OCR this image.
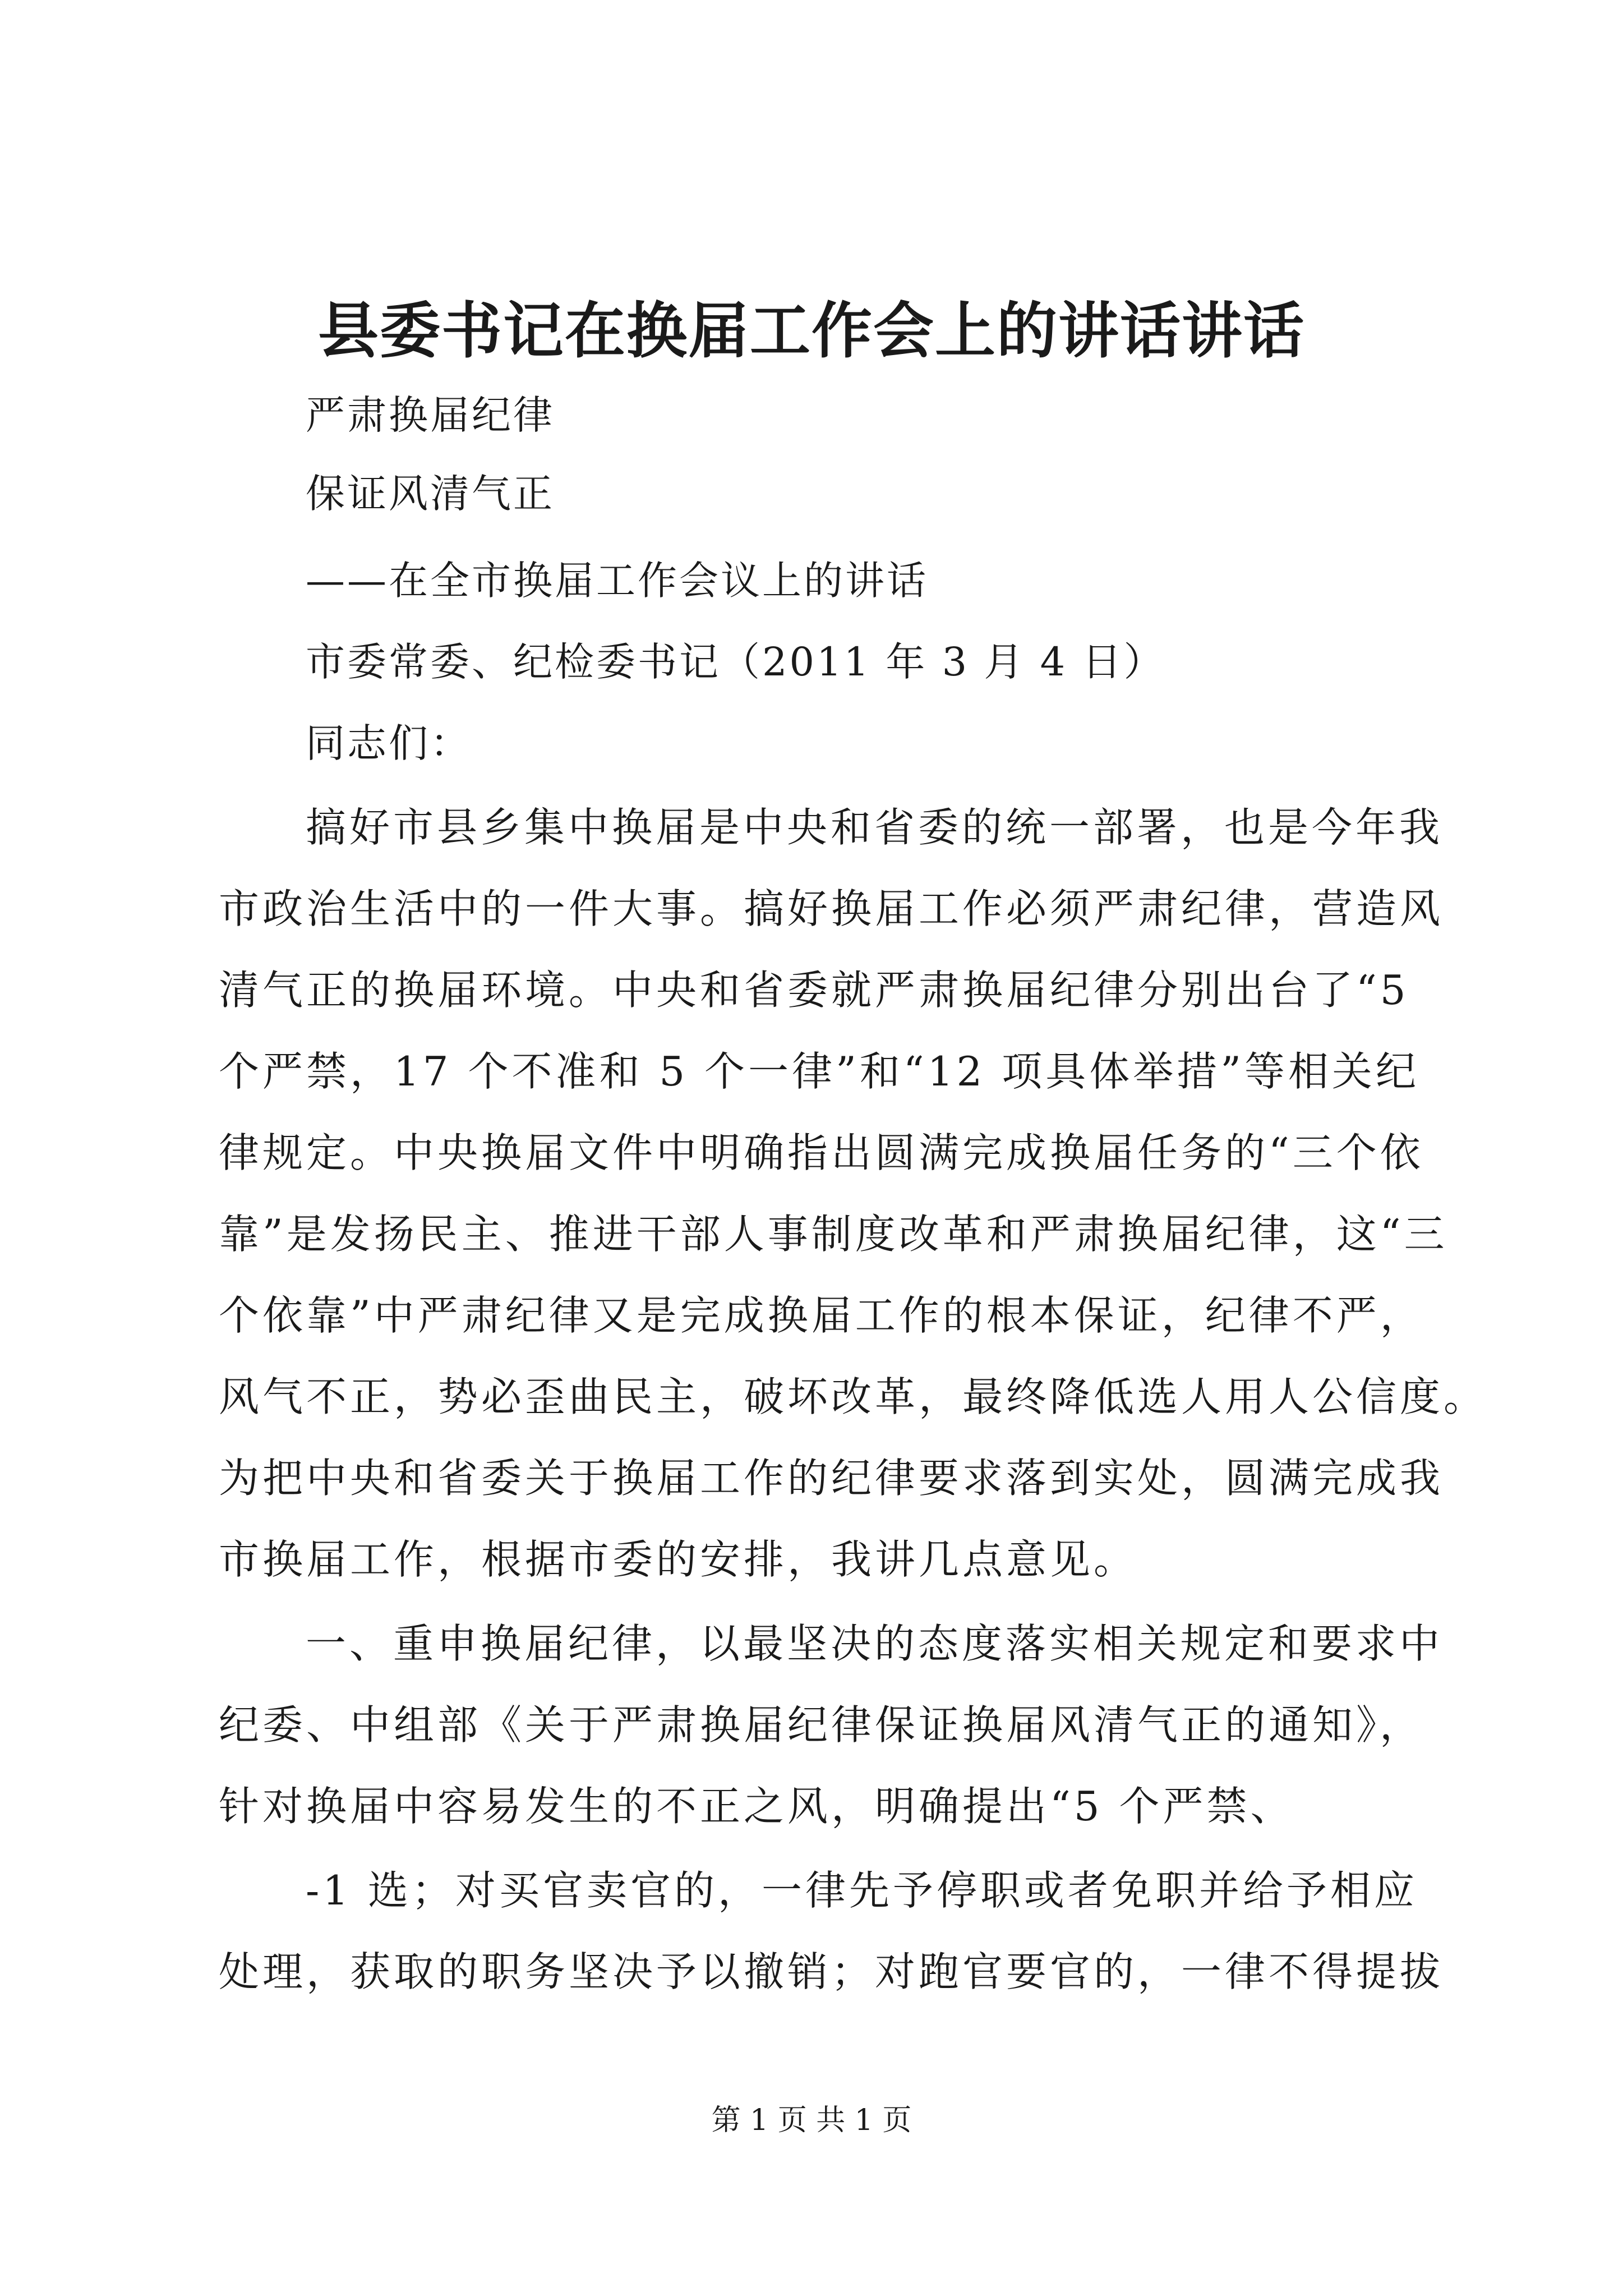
县委书记在换届工作会上的讲话讲话
严肃换届纪律
保证风清气正
——在全市换届工作会议上的讲话
市委常委、纪检委书记（2011 年 3 月 4 日）
同志们：
搞好市县乡集中换届是中央和省委的统一部署，也是今年我
市政治生活中的一件大事。搞好换届工作必须严肃纪律，营造风
清气正的换届环境。中央和省委就严肃换届纪律分别出台了“5
个严禁，17 个不准和 5 个一律”和“12 项具体举措”等相关纪
律规定。中央换届文件中明确指出圆满完成换届任务的“三个依
靠”是发扬民主、推进干部人事制度改革和严肃换届纪律，这“三
个依靠”中严肃纪律又是完成换届工作的根本保证，纪律不严，
风气不正，势必歪曲民主，破坏改革，最终降低选人用人公信度。
为把中央和省委关于换届工作的纪律要求落到实处，圆满完成我
市换届工作，根据市委的安排，我讲几点意见。
一、重申换届纪律，以最坚决的态度落实相关规定和要求中
纪委、中组部《关于严肃换届纪律保证换届风清气正的通知》，
针对换届中容易发生的不正之风，明确提出“5 个严禁、
-1 选；对买官卖官的，一律先予停职或者免职并给予相应
处理，获取的职务坚决予以撤销；对跑官要官的，一律不得提拔
第 1 页 共 1 页
